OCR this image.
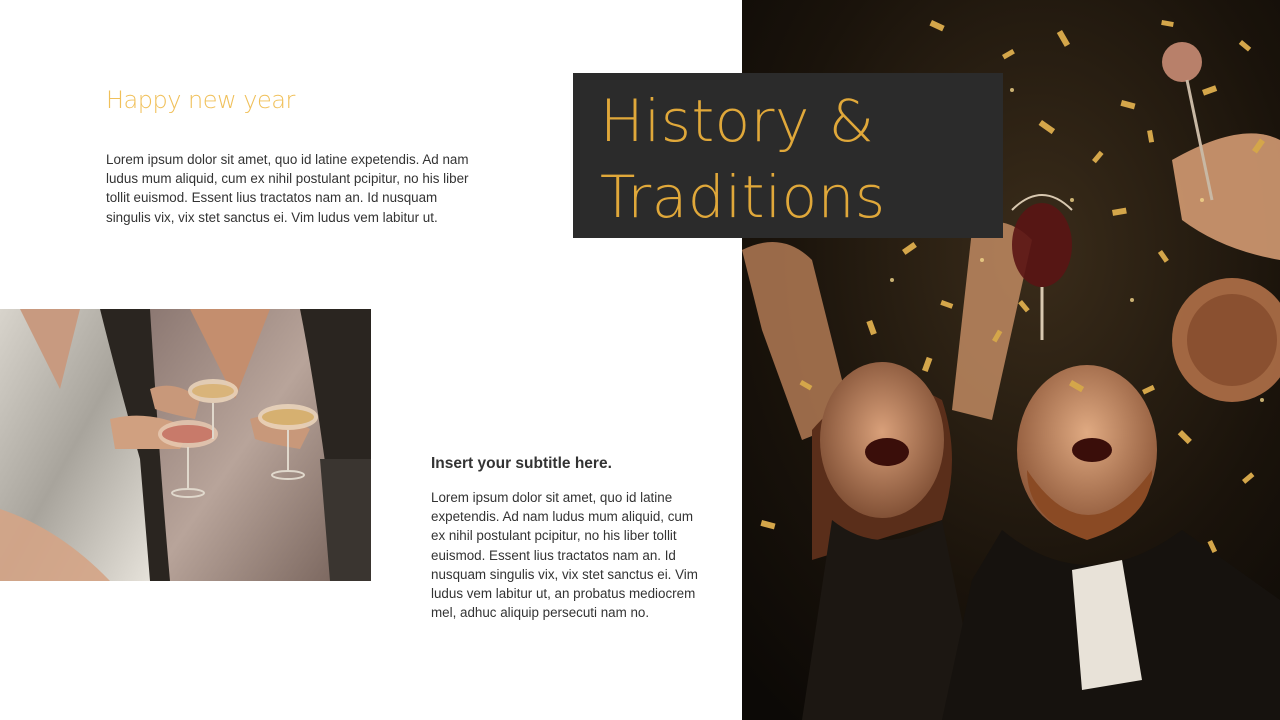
History &
Traditions
Happy new year

Lorem ipsum dolor sit amet, quo id latine expetendis. Ad nam ludus mum aliquid, cum ex nihil postulant pcipitur, no his liber tollit euismod. Essent lius tractatos nam an. Id nusquam singulis vix, vix stet sanctus ei. Vim ludus vem labitur ut.

Insert your subtitle here.

Lorem ipsum dolor sit amet, quo id latine expetendis. Ad nam ludus mum aliquid, cum ex nihil postulant pcipitur, no his liber tollit euismod. Essent lius tractatos nam an. Id nusquam singulis vix, vix stet sanctus ei. Vim ludus vem labitur ut, an probatus mediocrem mel, adhuc aliquip persecuti nam no.
